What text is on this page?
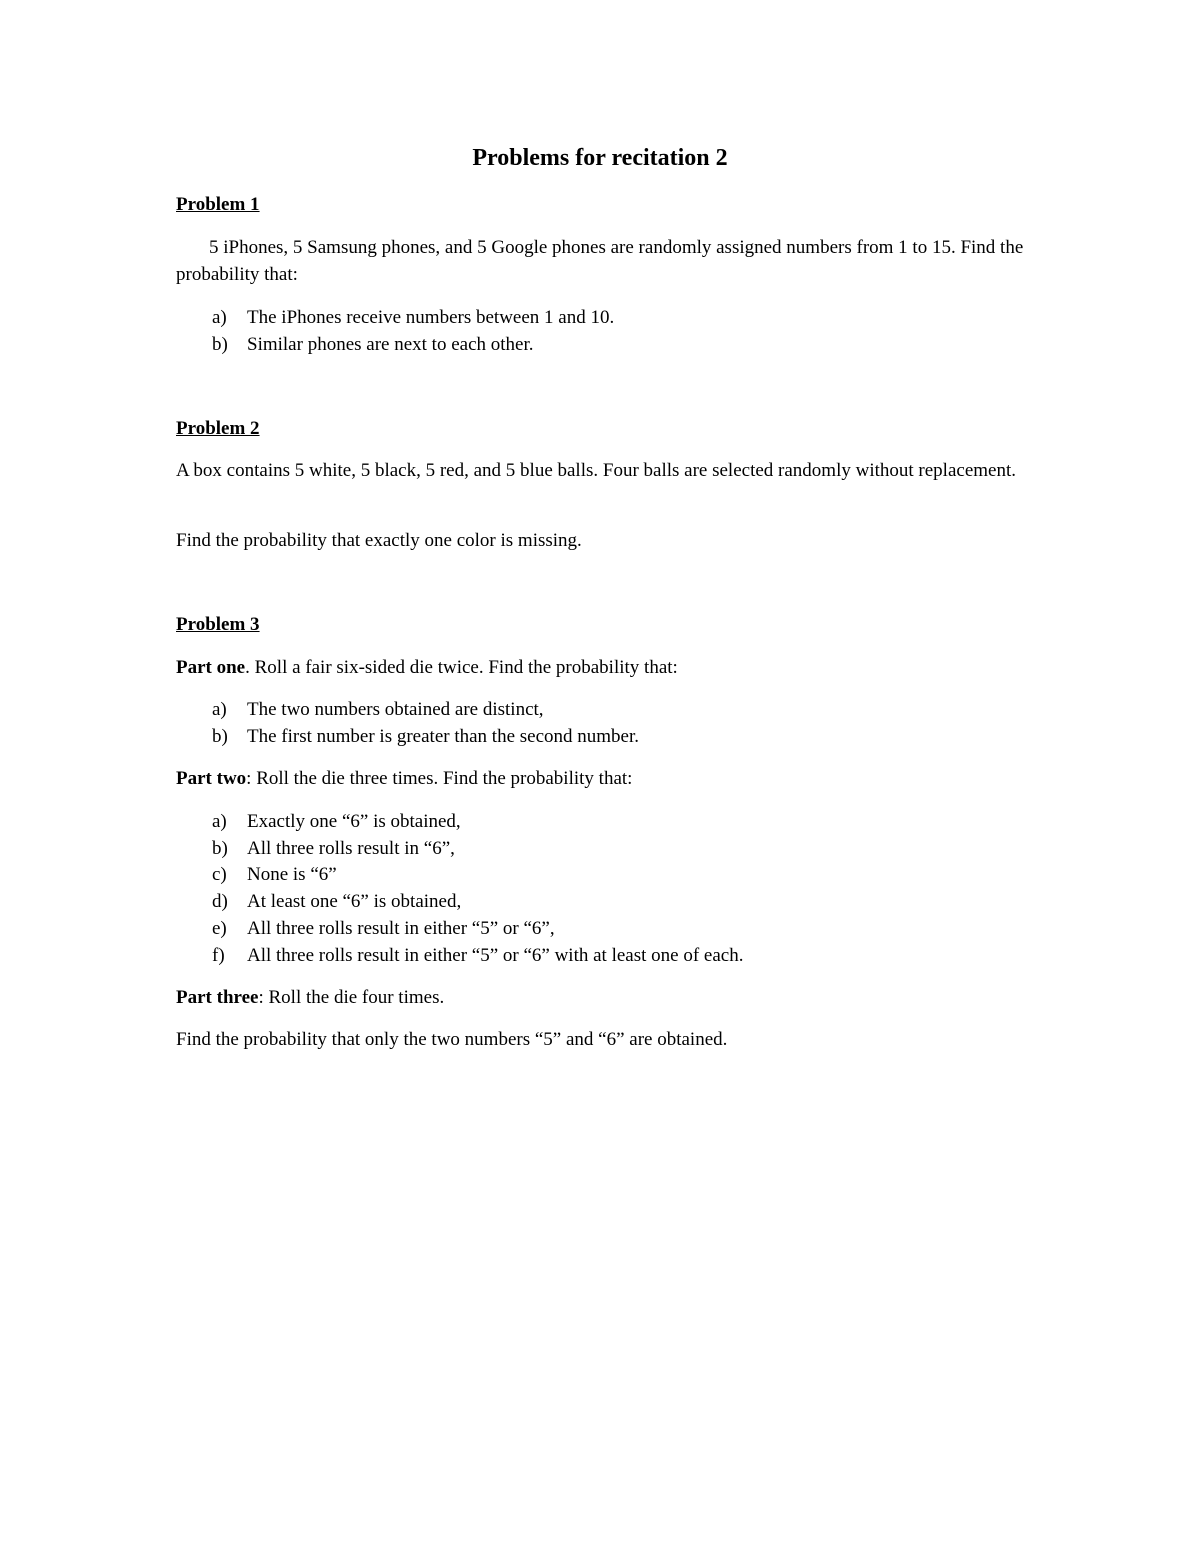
Problems for recitation 2
Problem 1
5 iPhones, 5 Samsung phones, and 5 Google phones are randomly assigned numbers from 1 to 15. Find the probability that:
a) The iPhones receive numbers between 1 and 10.
b) Similar phones are next to each other.
Problem 2
A box contains 5 white, 5 black, 5 red, and 5 blue balls. Four balls are selected randomly without replacement.
Find the probability that exactly one color is missing.
Problem 3
Part one. Roll a fair six-sided die twice. Find the probability that:
a) The two numbers obtained are distinct,
b) The first number is greater than the second number.
Part two: Roll the die three times. Find the probability that:
a) Exactly one “6” is obtained,
b) All three rolls result in “6”,
c) None is “6”
d) At least one “6” is obtained,
e) All three rolls result in either “5” or “6”,
f) All three rolls result in either “5” or “6” with at least one of each.
Part three: Roll the die four times.
Find the probability that only the two numbers “5” and “6” are obtained.
